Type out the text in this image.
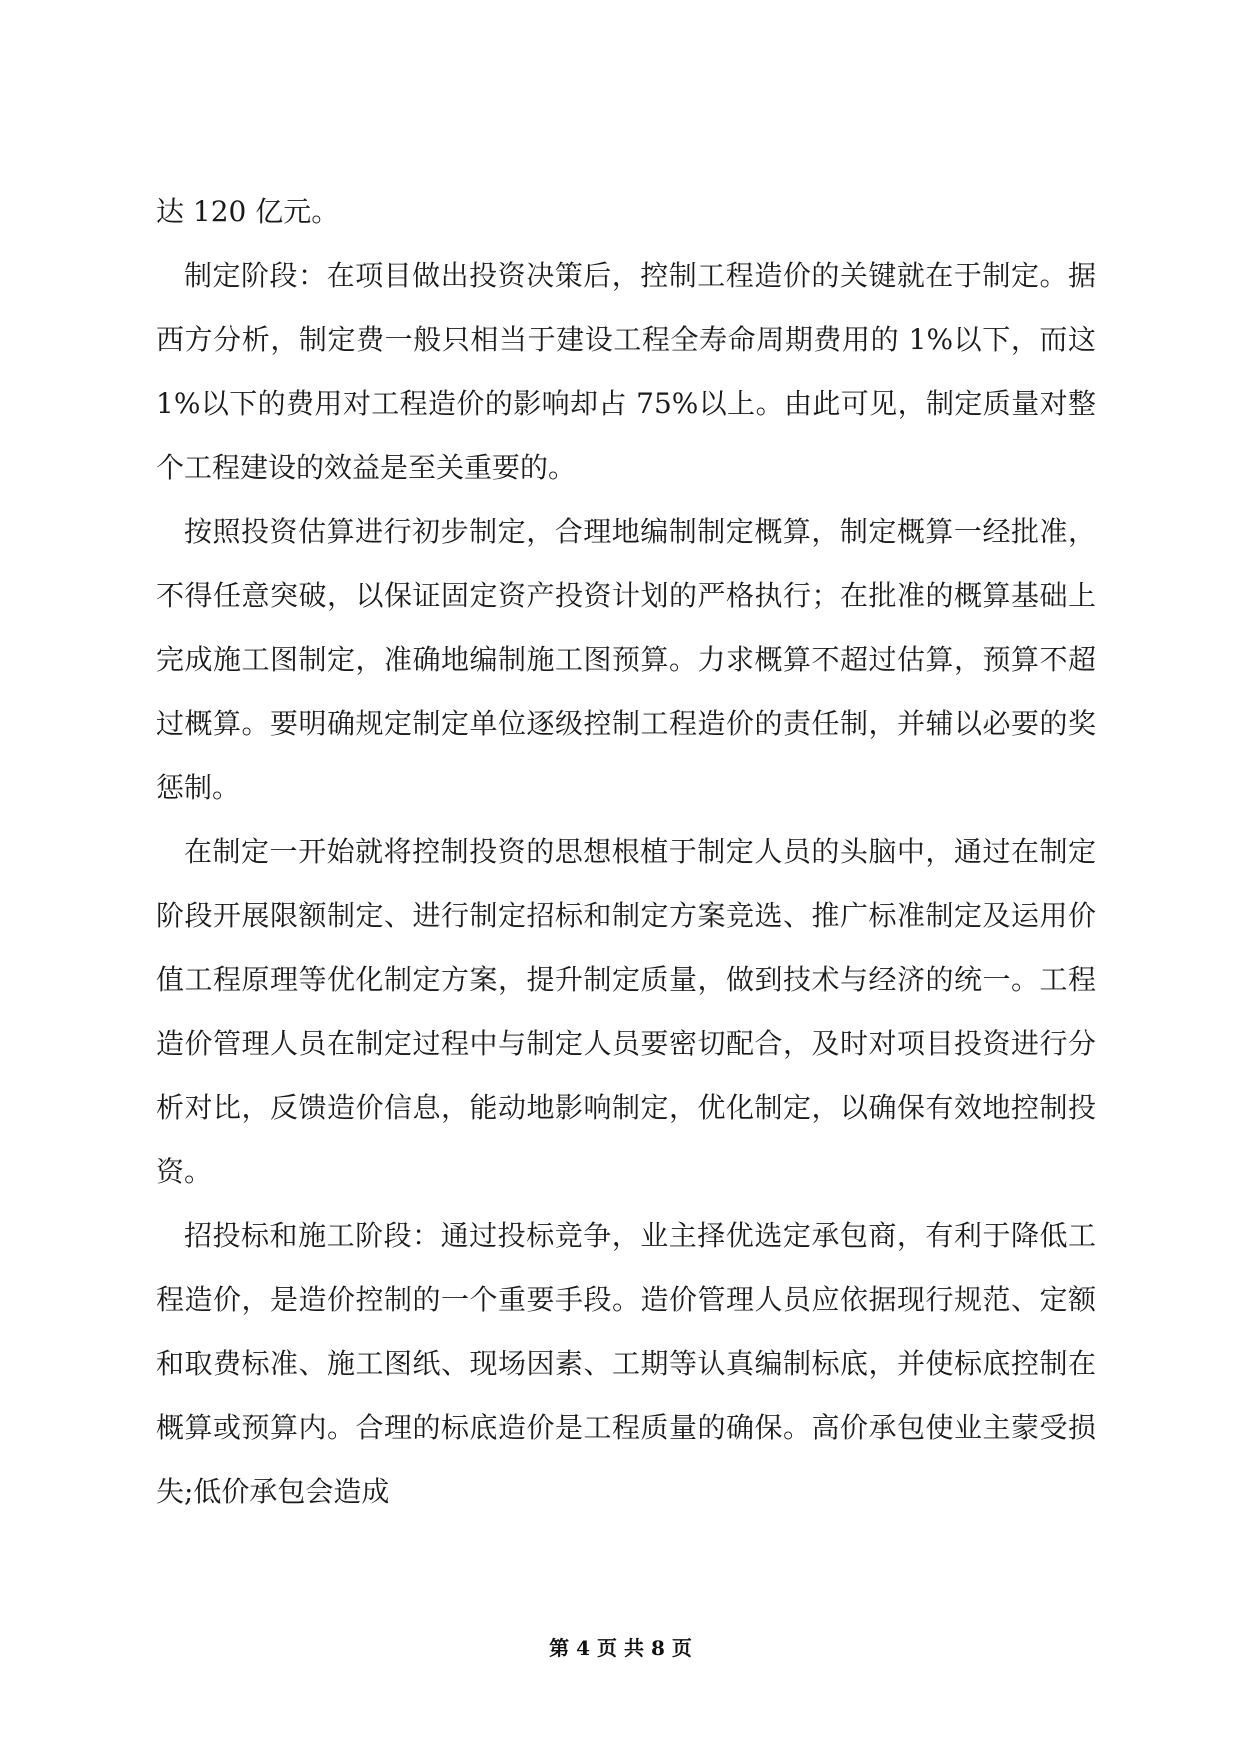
达 120 亿元。

制定阶段：在项目做出投资决策后，控制工程造价的关键就在于制定。据西方分析，制定费一般只相当于建设工程全寿命周期费用的 1%以下，而这 1%以下的费用对工程造价的影响却占 75%以上。由此可见，制定质量对整个工程建设的效益是至关重要的。

按照投资估算进行初步制定，合理地编制制定概算，制定概算一经批准，不得任意突破，以保证固定资产投资计划的严格执行；在批准的概算基础上完成施工图制定，准确地编制施工图预算。力求概算不超过估算，预算不超过概算。要明确规定制定单位逐级控制工程造价的责任制，并辅以必要的奖惩制。

在制定一开始就将控制投资的思想根植于制定人员的头脑中，通过在制定阶段开展限额制定、进行制定招标和制定方案竞选、推广标准制定及运用价值工程原理等优化制定方案，提升制定质量，做到技术与经济的统一。工程造价管理人员在制定过程中与制定人员要密切配合，及时对项目投资进行分析对比，反馈造价信息，能动地影响制定，优化制定，以确保有效地控制投资。

招投标和施工阶段：通过投标竞争，业主择优选定承包商，有利于降低工程造价，是造价控制的一个重要手段。造价管理人员应依据现行规范、定额和取费标准、施工图纸、现场因素、工期等认真编制标底，并使标底控制在概算或预算内。合理的标底造价是工程质量的确保。高价承包使业主蒙受损失;低价承包会造成

第 4 页 共 8 页
